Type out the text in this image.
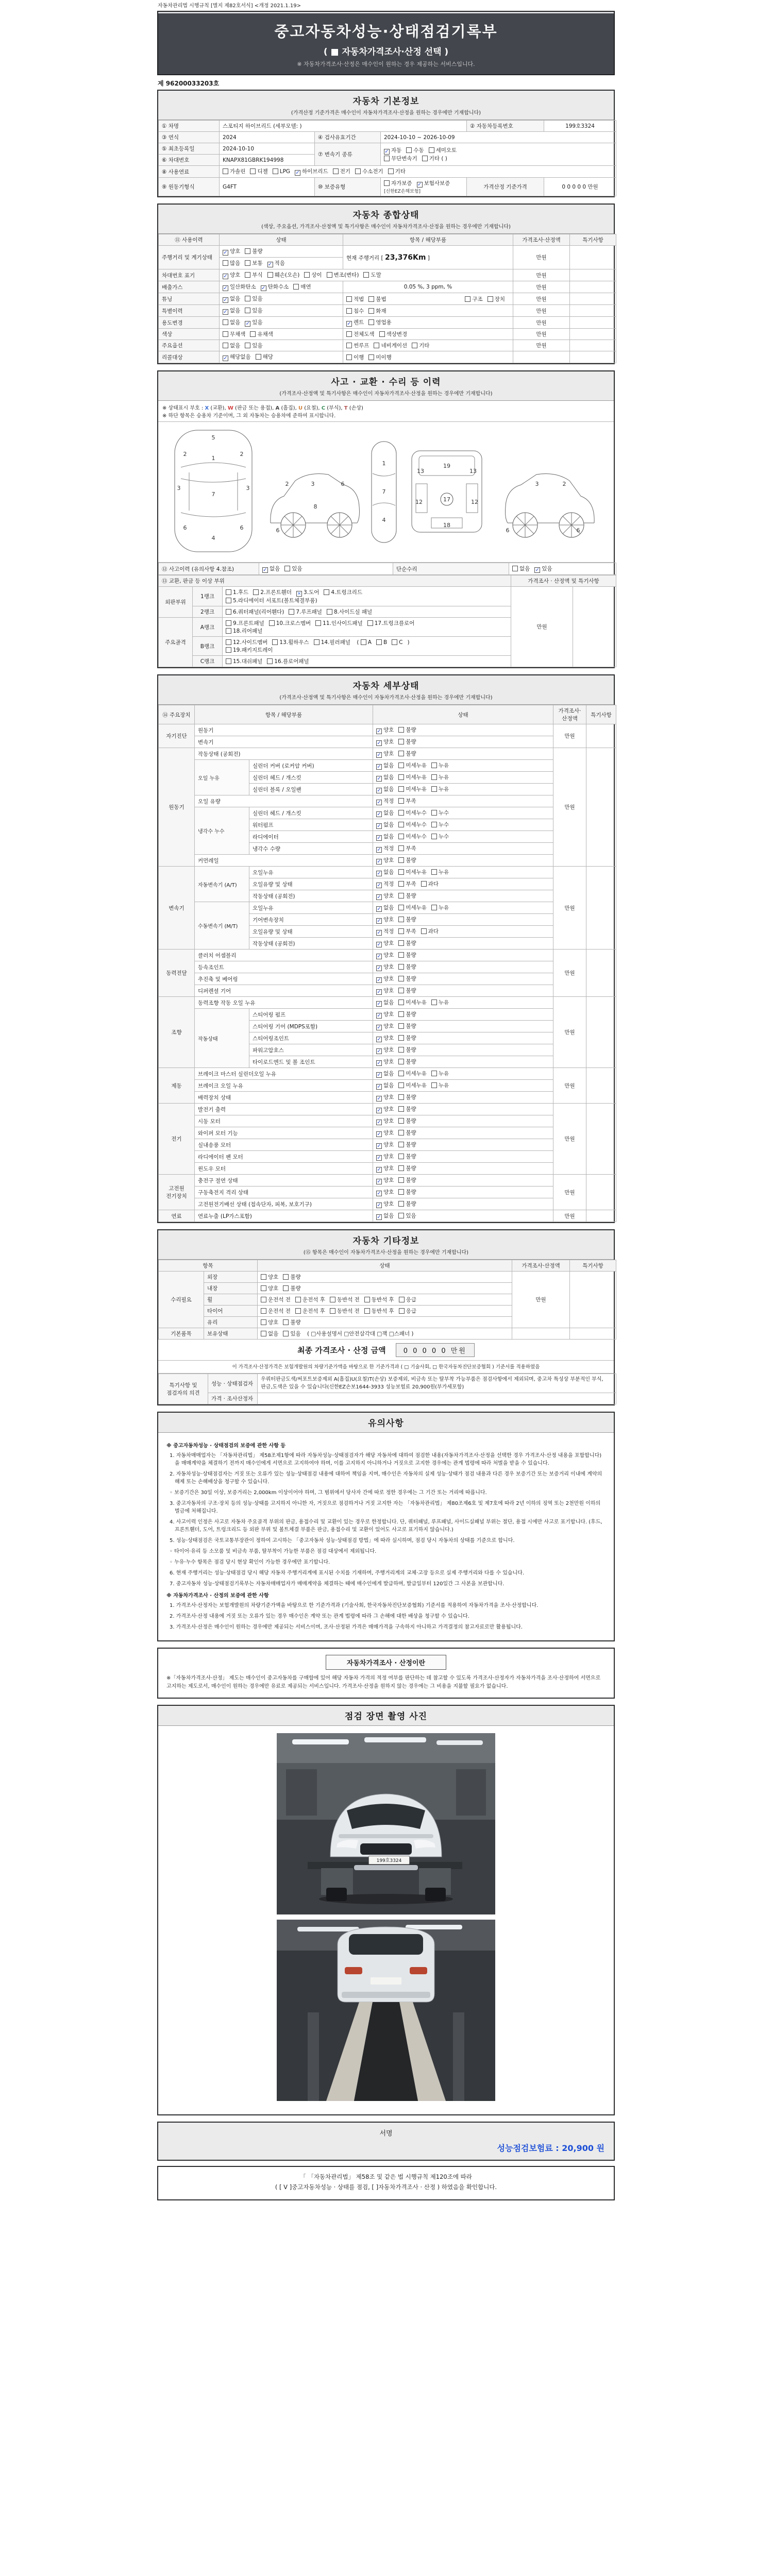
자동차관리법 시행규칙 [별지 제82호서식] <개정 2021.1.19>
중고자동차성능·상태점검기록부
( ■ 자동차가격조사·산정 선택 )
※ 자동차가격조사·산정은 매수인이 원하는 경우 제공하는 서비스입니다.
제 96200033203호
자동차 기본정보
(가격산정 기준가격은 매수인이 자동차가격조사·산정을 원하는 경우에만 기재합니다)
① 차명	스포티지 하이브리드 (세부모델: )			② 자동차등록번호	199호3324
③ 연식	2024	④ 검사유효기간	2024-10-10 ~ 2026-10-09		
⑤ 최초등록일	2024-10-10	⑦ 변속기 종류	✓ 자동 수동 세미오토
무단변속기 기타 ( )		

⑥ 차대번호	KNAPX81GBRK194998				
⑧ 사용연료	가솔린 디젤 LPG ✓ 하이브리드 전기 수소전기 기타				
⑨ 원동기형식	G4FT	⑩ 보증유형	자가보증 ✓ 보험사보증 [신한EZ손해보험]	가격산정 기준가격	0 0 0 0 0 만원
자동차 종합상태
(색상, 주요옵션, 가격조사·산정액 및 특기사항은 매수인이 자동차가격조사·산정을 원하는 경우에만 기재합니다)
⑪ 사용이력	상태	항목 / 해당부품	가격조사·산정액	특기사항
주행거리 및 계기상태	✓ 양호 불량	현재 주행거리 [ 23,376Km ]	만원	
	많음 보통 ✓ 적음			
차대번호 표기	✓ 양호 부식 훼손(오손) 상이 변조(변타) 도말		만원	
배출가스	✓ 일산화탄소 ✓ 탄화수소 매연	0.05 %, 3 ppm, %	만원	
튜닝	✓ 없음 있음	적법 불법 구조 장치	만원	
특별이력	✓ 없음 있음	침수 화재	만원	
용도변경	없음 ✓ 있음	✓ 렌트 영업용	만원	
색상	무채색 유채색	전체도색 색상변경	만원	
주요옵션	없음 있음	썬루프 네비게이션 기타	만원	
리콜대상	✓ 해당없음 해당	이행 미이행		
사고 · 교환 · 수리 등 이력
(가격조사·산정액 및 특기사항은 매수인이 자동차가격조사·산정을 원하는 경우에만 기재합니다)
※ 상태표시 부호 : X (교환), W (판금 또는 용접), A (흠집), U (요철), C (부식), T (손상)
※ 하단 항목은 승용차 기준이며, 그 외 자동차는 승용차에 준하여 표시합니다.
5
1
2	2
3	3
7
6	6
4
2	3	6
8
6
1
7
4
13
19
13
12	17	12
18
6
3	2
6
⑫ 사고이력 (유의사항 4.참조)	✓ 없음 있음	단순수리	없음 ✓ 있음
⑬ 교환, 판금 등 이상 부위			가격조사 · 산정액 및 특기사항	
외판부위	1랭크	1.후드 2.프론트휀더 ✕ 3.도어 4.트렁크리드
5.라디에이터 서포트(볼트체결부품)	만원	
	2랭크	6.쿼터패널(리어휀다) 7.루프패널 8.사이드실 패널		
주요골격	A랭크	9.프론트패널 10.크로스멤버 11.인사이드패널 17.트렁크플로어
18.리어패널		

	B랭크	12.사이드멤버 13.휠하우스 14.필러패널 ( A B C )
19.패키지트레이		

	C랭크	15.대쉬패널 16.플로어패널		
자동차 세부상태
(가격조사·산정액 및 특기사항은 매수인이 자동차가격조사·산정을 원하는 경우에만 기재합니다)
⑭ 주요장치	항목 / 해당부품		상태	가격조사·산정액	특기사항
자기진단	원동기		✓ 양호 불량	만원	
	변속기		✓ 양호 불량		
원동기	작동상태 (공회전)		✓ 양호 불량	만원	
	오일 누유	실린더 커버 (로커암 커버)	✓ 없음 미세누유 누유		
		실린더 헤드 / 개스킷	✓ 없음 미세누유 누유		
		실린더 블록 / 오일팬	✓ 없음 미세누유 누유		
	오일 유량		✓ 적정 부족		
	냉각수 누수	실린더 헤드 / 개스킷	✓ 없음 미세누수 누수		
		워터펌프	✓ 없음 미세누수 누수		
		라디에이터	✓ 없음 미세누수 누수		
		냉각수 수량	✓ 적정 부족		
	커먼레일		✓ 양호 불량		
변속기	자동변속기 (A/T)	오일누유	✓ 없음 미세누유 누유	만원	
		오일유량 및 상태	✓ 적정 부족 과다		
		작동상태 (공회전)	✓ 양호 불량		
	수동변속기 (M/T)	오일누유	✓ 없음 미세누유 누유		
		기어변속장치	✓ 양호 불량		
		오일유량 및 상태	✓ 적정 부족 과다		
		작동상태 (공회전)	✓ 양호 불량		
동력전달	클러치 어셈블리		✓ 양호 불량	만원	
	등속조인트		✓ 양호 불량		
	추진축 및 베어링		✓ 양호 불량		
	디퍼렌셜 기어		✓ 양호 불량		
조향	동력조향 작동 오일 누유		✓ 없음 미세누유 누유	만원	
	작동상태	스티어링 펌프	✓ 양호 불량		
		스티어링 기어 (MDPS포함)	✓ 양호 불량		
		스티어링조인트	✓ 양호 불량		
		파워고압호스	✓ 양호 불량		
		타이로드엔드 및 볼 조인트	✓ 양호 불량		
제동	브레이크 마스터 실린더오일 누유		✓ 없음 미세누유 누유	만원	
	브레이크 오일 누유		✓ 없음 미세누유 누유		
	배력장치 상태		✓ 양호 불량		
전기	발전기 출력		✓ 양호 불량	만원	
	시동 모터		✓ 양호 불량		
	와이퍼 모터 기능		✓ 양호 불량		
	실내송풍 모터		✓ 양호 불량		
	라디에이터 팬 모터		✓ 양호 불량		
	윈도우 모터		✓ 양호 불량		
고전원 전기장치	충전구 절연 상태		✓ 양호 불량	만원	
	구동축전지 격리 상태		✓ 양호 불량		
	고전원전기배선 상태 (접속단자, 피복, 보호기구)		✓ 양호 불량		
연료	연료누출 (LP가스포함)		✓ 없음 있음	만원	
자동차 기타정보
(⑮ 항목은 매수인이 자동차가격조사·산정을 원하는 경우에만 기재합니다)
항목		상태	가격조사·산정액	특기사항
수리필요	외장	양호 불량	만원	
	내장	양호 불량		
	휠	운전석 전 운전석 후 동반석 전 동반석 후 응급		
	타이어	운전석 전 운전석 후 동반석 전 동반석 후 응급		
	유리	양호 불량		
기본품목	보유상태	없음 있음 ( □사용설명서 □안전삼각대 □잭 □스패너 )		
최종 가격조사 · 산정 금액	0 0 0 0 0 만원
이 가격조사·산정가격은 보험개발원의 차량기준가액을 바탕으로 한 기준가격과 ( □ 기술사회, □ 한국자동차진단보증협회 ) 기준서를 적용하였음
특기사항 및 점검자의 의견	성능 · 상태점검자	우쿼터판금도색/써포트보증제외 A(흠집)U(요철)T(손상) 보증제외, 비금속 또는 탈부착 가능부품은 점검사항에서 제외되며, 중고차 특성상 부분적인 부식,판금,도색은 있을 수 있습니다(신한EZ손보1644-3933 성능보험료 20,900원(부가세포함)
	가격 · 조사산정자	
유의사항
※ 중고자동차성능 · 상태점검의 보증에 관한 사항 등
1. 자동차매매업자는 「자동차관리법」 제58조제1항에 따라 자동차성능·상태점검자가 해당 자동차에 대하여 점검한 내용(자동차가격조사·산정을 선택한 경우 가격조사·산정 내용을 포함합니다)을 매매계약을 체결하기 전까지 매수인에게 서면으로 고지하여야 하며, 이를 고지하지 아니하거나 거짓으로 고지한 경우에는 관계 법령에 따라 처벌을 받을 수 있습니다.
2. 자동차성능·상태점검자는 거짓 또는 오류가 있는 성능·상태점검 내용에 대하여 책임을 지며, 매수인은 자동차의 실제 성능·상태가 점검 내용과 다른 경우 보증기간 또는 보증거리 이내에 계약의 해제 또는 손해배상을 청구할 수 있습니다.
◦ 보증기간은 30일 이상, 보증거리는 2,000km 이상이어야 하며, 그 범위에서 당사자 간에 따로 정한 경우에는 그 기간 또는 거리에 따릅니다.
3. 중고자동차의 구조·장치 등의 성능·상태를 고지하지 아니한 자, 거짓으로 점검하거나 거짓 고지한 자는 「자동차관리법」 제80조제6호 및 제7호에 따라 2년 이하의 징역 또는 2천만원 이하의 벌금에 처해집니다.
4. 사고이력 인정은 사고로 자동차 주요골격 부위의 판금, 용접수리 및 교환이 있는 경우로 한정합니다. 단, 쿼터패널, 루프패널, 사이드실패널 부위는 절단, 용접 시에만 사고로 표기합니다. (후드, 프론트휀더, 도어, 트렁크리드 등 외판 부위 및 볼트체결 부품은 판금, 용접수리 및 교환이 있어도 사고로 표기하지 않습니다.)
5. 성능·상태점검은 국토교통부장관이 정하여 고시하는 「중고자동차 성능·상태점검 방법」에 따라 실시하며, 점검 당시 자동차의 상태를 기준으로 합니다.
◦ 타이어·유리 등 소모품 및 비금속 부품, 탈부착이 가능한 부품은 점검 대상에서 제외됩니다.
◦ 누유·누수 항목은 점검 당시 현상 확인이 가능한 경우에만 표기합니다.
6. 현재 주행거리는 성능·상태점검 당시 해당 자동차 주행거리계에 표시된 수치를 기재하며, 주행거리계의 교체·고장 등으로 실제 주행거리와 다를 수 있습니다.
7. 중고자동차 성능·상태점검기록부는 자동차매매업자가 매매계약을 체결하는 때에 매수인에게 발급하며, 발급일부터 120일간 그 사본을 보관합니다.
※ 자동차가격조사 · 산정의 보증에 관한 사항
1. 가격조사·산정자는 보험개발원의 차량기준가액을 바탕으로 한 기준가격과 (기술사회, 한국자동차진단보증협회) 기준서를 적용하여 자동차가격을 조사·산정합니다.
2. 가격조사·산정 내용에 거짓 또는 오류가 있는 경우 매수인은 계약 또는 관계 법령에 따라 그 손해에 대한 배상을 청구할 수 있습니다.
3. 가격조사·산정은 매수인이 원하는 경우에만 제공되는 서비스이며, 조사·산정된 가격은 매매가격을 구속하지 아니하고 가격결정의 참고자료로만 활용됩니다.
자동차가격조사 · 산정이란
※「자동차가격조사·산정」 제도는 매수인이 중고자동차를 구매함에 있어 해당 자동차 가격의 적정 여부를 판단하는 데 참고할 수 있도록 가격조사·산정자가 자동차가격을 조사·산정하여 서면으로 고지하는 제도로서, 매수인이 원하는 경우에만 유료로 제공되는 서비스입니다. 가격조사·산정을 원하지 않는 경우에는 그 비용을 지불할 필요가 없습니다.
점검 장면 촬영 사진
199호3324
서명
성능점검보험료 : 20,900 원
「 「자동차관리법」 제58조 및 같은 법 시행규칙 제120조에 따라
( [ V ]중고자동차성능 · 상태를 점검, [ ]자동차가격조사 · 산정 ) 하였음을 확인합니다.
